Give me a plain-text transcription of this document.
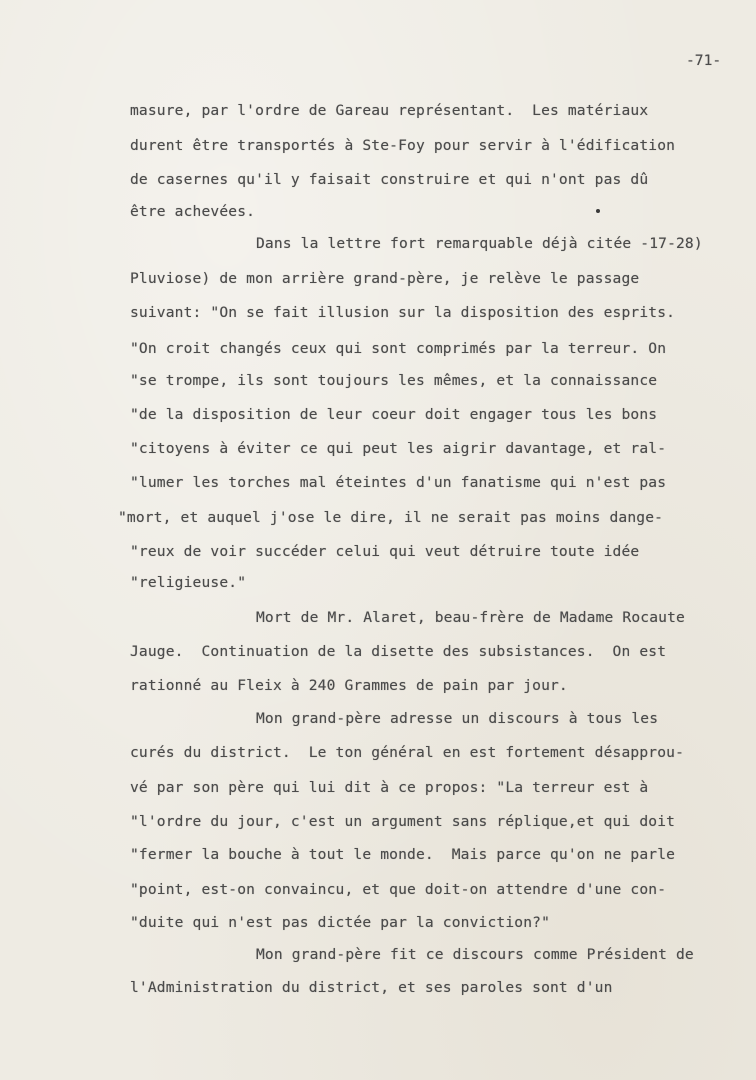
-71-
masure, par l'ordre de Gareau représentant.  Les matériaux
durent être transportés à Ste-Foy pour servir à l'édification
de casernes qu'il y faisait construire et qui n'ont pas dû
être achevées.
Dans la lettre fort remarquable déjà citée -17-28)
Pluviose) de mon arrière grand-père, je relève le passage
suivant: "On se fait illusion sur la disposition des esprits.
"On croit changés ceux qui sont comprimés par la terreur. On
"se trompe, ils sont toujours les mêmes, et la connaissance
"de la disposition de leur coeur doit engager tous les bons
"citoyens à éviter ce qui peut les aigrir davantage, et ral-
"lumer les torches mal éteintes d'un fanatisme qui n'est pas
"mort, et auquel j'ose le dire, il ne serait pas moins dange-
"reux de voir succéder celui qui veut détruire toute idée
"religieuse."
Mort de Mr. Alaret, beau-frère de Madame Rocaute
Jauge.  Continuation de la disette des subsistances.  On est
rationné au Fleix à 240 Grammes de pain par jour.
Mon grand-père adresse un discours à tous les
curés du district.  Le ton général en est fortement désapprou-
vé par son père qui lui dit à ce propos: "La terreur est à
"l'ordre du jour, c'est un argument sans réplique,et qui doit
"fermer la bouche à tout le monde.  Mais parce qu'on ne parle
"point, est-on convaincu, et que doit-on attendre d'une con-
"duite qui n'est pas dictée par la conviction?"
Mon grand-père fit ce discours comme Président de
l'Administration du district, et ses paroles sont d'un
